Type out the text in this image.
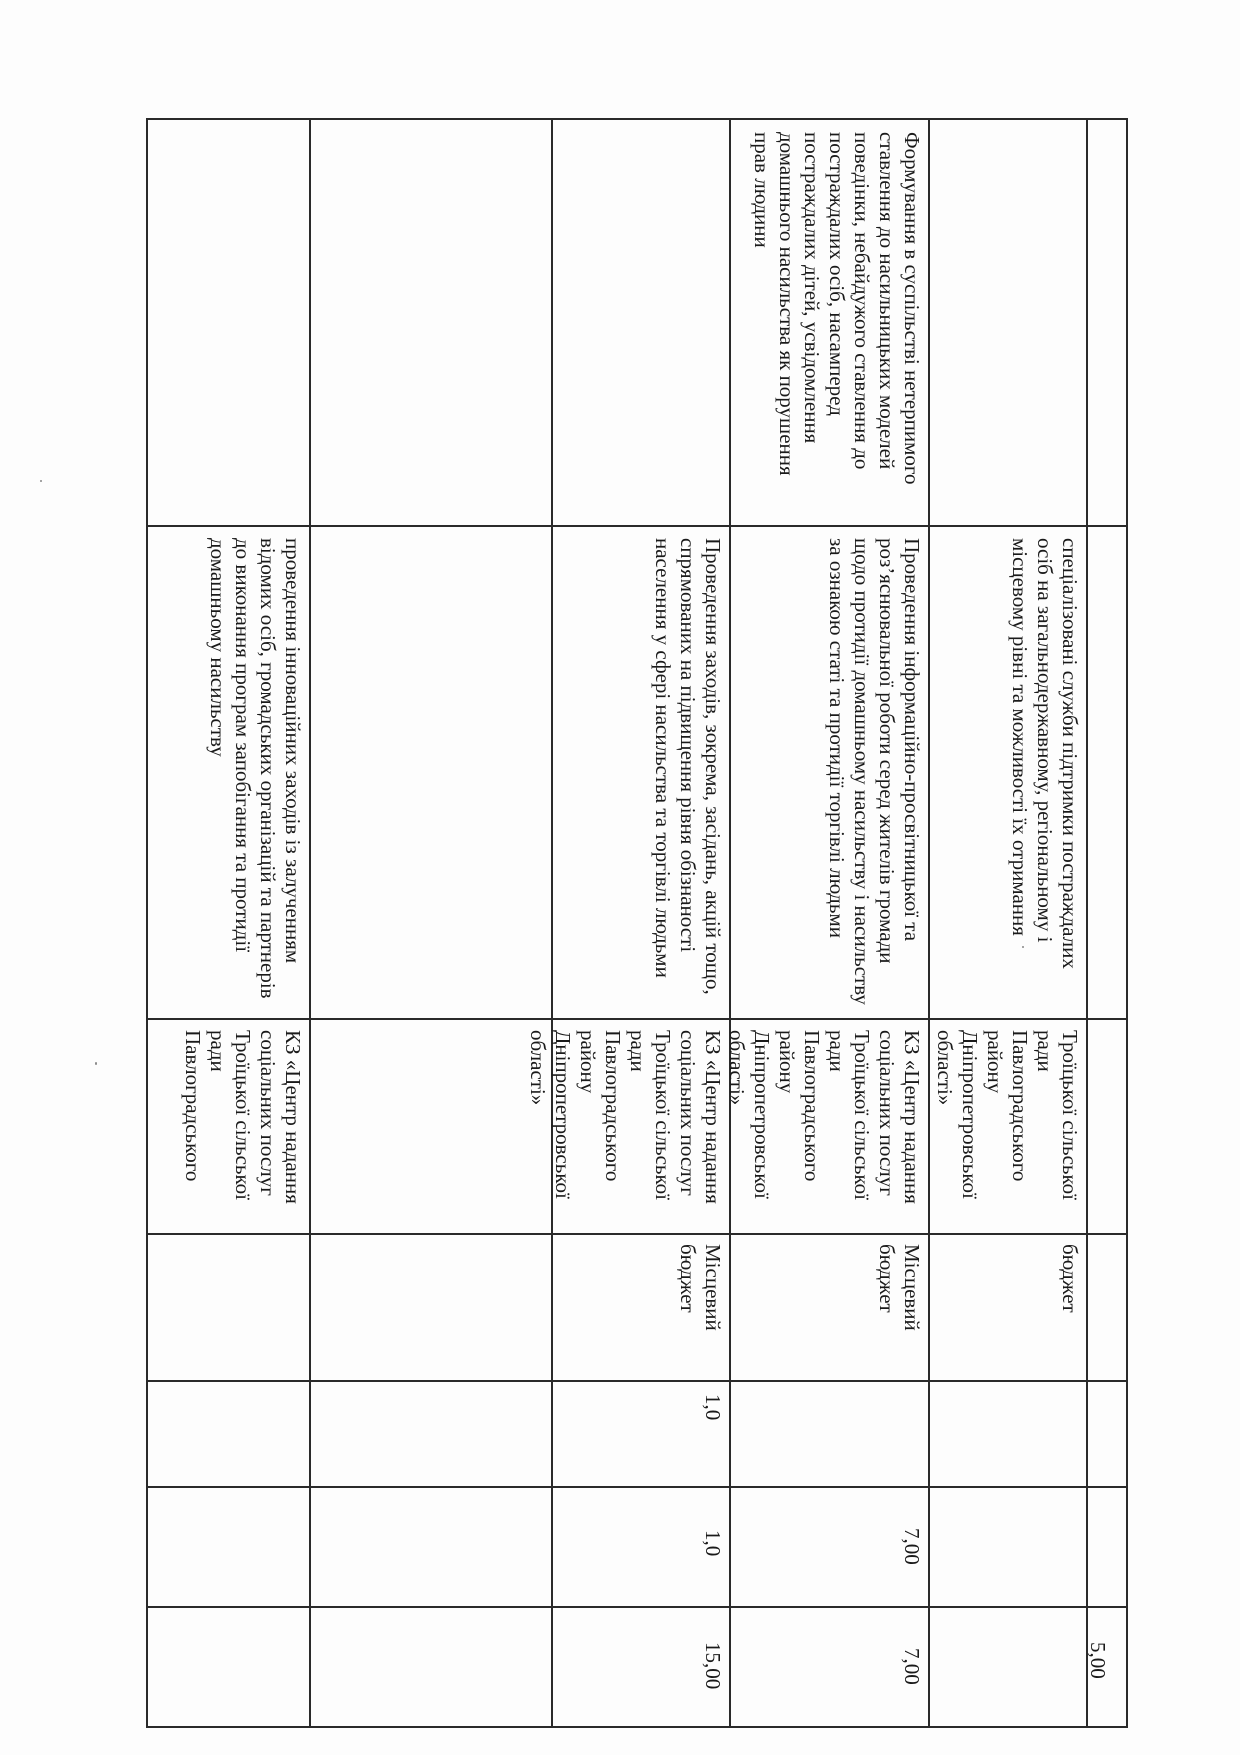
спеціалізовані служби підтримки постраждалих осіб на загальнодержавному, регіональному і місцевому рівні та можливості їх отримання
Троїцької сільської ради Павлоградського району Дніпропетровської області»
бюджет
Формування в суспільстві нетерпимого ставлення до насильницьких моделей поведінки, небайдужого ставлення до постраждалих осіб, насамперед постраждалих дітей, усвідомлення домашнього насильства як порушення прав людини
Проведення інформаційно-просвітницької та роз’яснювальної роботи серед жителів громади щодо протидії домашньому насильству і насильству за ознакою статі та протидії торгівлі людьми
КЗ «Центр надання соціальних послуг Троїцької сільської ради Павлоградського району Дніпропетровської області»
Місцевий бюджет
7,00
7,00
Проведення заходів, зокрема, засідань, акцій тощо, спрямованих на підвищення рівня обізнаності населення у сфері насильства та торгівлі людьми
КЗ «Центр надання соціальних послуг Троїцької сільської ради Павлоградського району Дніпропетровської області»
Місцевий бюджет
1,0
1,0
15,00	5,00
проведення інноваційних заходів із залученням відомих осіб, громадських організацій та партнерів до виконання програм запобігання та протидії домашньому насильству
КЗ «Центр надання соціальних послуг Троїцької сільської ради Павлоградського
